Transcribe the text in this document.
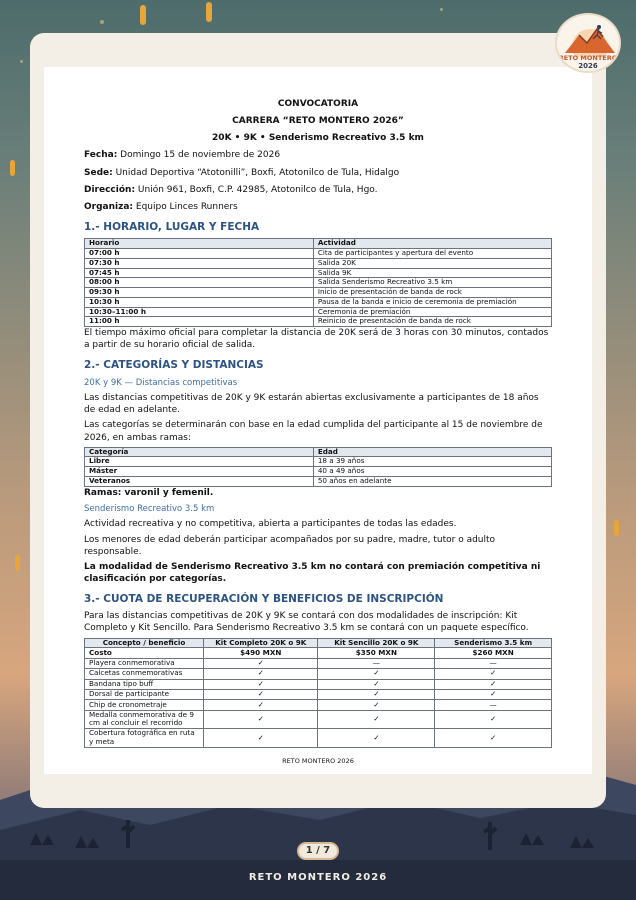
RETO MONTERO
2026
CONVOCATORIA
CARRERA “RETO MONTERO 2026”
20K • 9K • Senderismo Recreativo 3.5 km
Fecha: Domingo 15 de noviembre de 2026
Sede: Unidad Deportiva “Atotonilli”, Boxfi, Atotonilco de Tula, Hidalgo
Dirección: Unión 961, Boxfi, C.P. 42985, Atotonilco de Tula, Hgo.
Organiza: Equipo Linces Runners
1.- HORARIO, LUGAR Y FECHA
Horario	Actividad
07:00 h	Cita de participantes y apertura del evento
07:30 h	Salida 20K
07:45 h	Salida 9K
08:00 h	Salida Senderismo Recreativo 3.5 km
09:30 h	Inicio de presentación de banda de rock
10:30 h	Pausa de la banda e inicio de ceremonia de premiación
10:30–11:00 h	Ceremonia de premiación
11:00 h	Reinicio de presentación de banda de rock

El tiempo máximo oficial para completar la distancia de 20K será de 3 horas con 30 minutos, contados a partir de su horario oficial de salida.

2.- CATEGORÍAS Y DISTANCIAS
20K y 9K — Distancias competitivas

Las distancias competitivas de 20K y 9K estarán abiertas exclusivamente a participantes de 18 años de edad en adelante.

Las categorías se determinarán con base en la edad cumplida del participante al 15 de noviembre de 2026, en ambas ramas:

Categoría	Edad
Libre	18 a 39 años
Máster	40 a 49 años
Veteranos	50 años en adelante

Ramas: varonil y femenil.

Senderismo Recreativo 3.5 km

Actividad recreativa y no competitiva, abierta a participantes de todas las edades.

Los menores de edad deberán participar acompañados por su padre, madre, tutor o adulto responsable.

La modalidad de Senderismo Recreativo 3.5 km no contará con premiación competitiva ni clasificación por categorías.

3.- CUOTA DE RECUPERACIÓN Y BENEFICIOS DE INSCRIPCIÓN

Para las distancias competitivas de 20K y 9K se contará con dos modalidades de inscripción: Kit Completo y Kit Sencillo. Para Senderismo Recreativo 3.5 km se contará con un paquete específico.

Concepto / beneficio	Kit Completo 20K o 9K	Kit Sencillo 20K o 9K	Senderismo 3.5 km
Costo	$490 MXN	$350 MXN	$260 MXN
Playera conmemorativa	✓	—	—
Calcetas conmemorativas	✓	✓	✓
Bandana tipo buff	✓	✓	✓
Dorsal de participante	✓	✓	✓
Chip de cronometraje	✓	✓	—
Medalla conmemorativa de 9 cm al concluir el recorrido	✓	✓	✓
Cobertura fotográfica en ruta y meta	✓	✓	✓
RETO MONTERO 2026
1 / 7
RETO MONTERO 2026
